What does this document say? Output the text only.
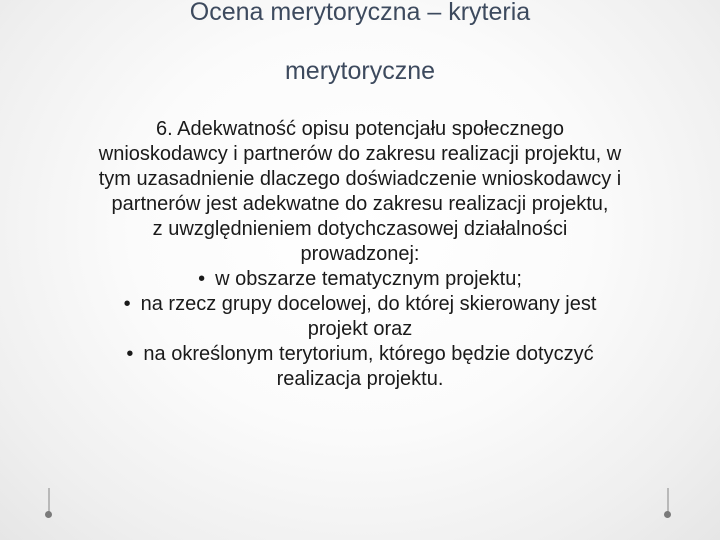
Ocena merytoryczna – kryteria
merytoryczne

6. Adekwatność opisu potencjału społecznego

wnioskodawcy i partnerów do zakresu realizacji projektu, w

tym uzasadnienie dlaczego doświadczenie wnioskodawcy i

partnerów jest adekwatne do zakresu realizacji projektu,

z uwzględnieniem dotychczasowej działalności

prowadzonej:

• w obszarze tematycznym projektu;

• na rzecz grupy docelowej, do której skierowany jest

projekt oraz

• na określonym terytorium, którego będzie dotyczyć

realizacja projektu.
